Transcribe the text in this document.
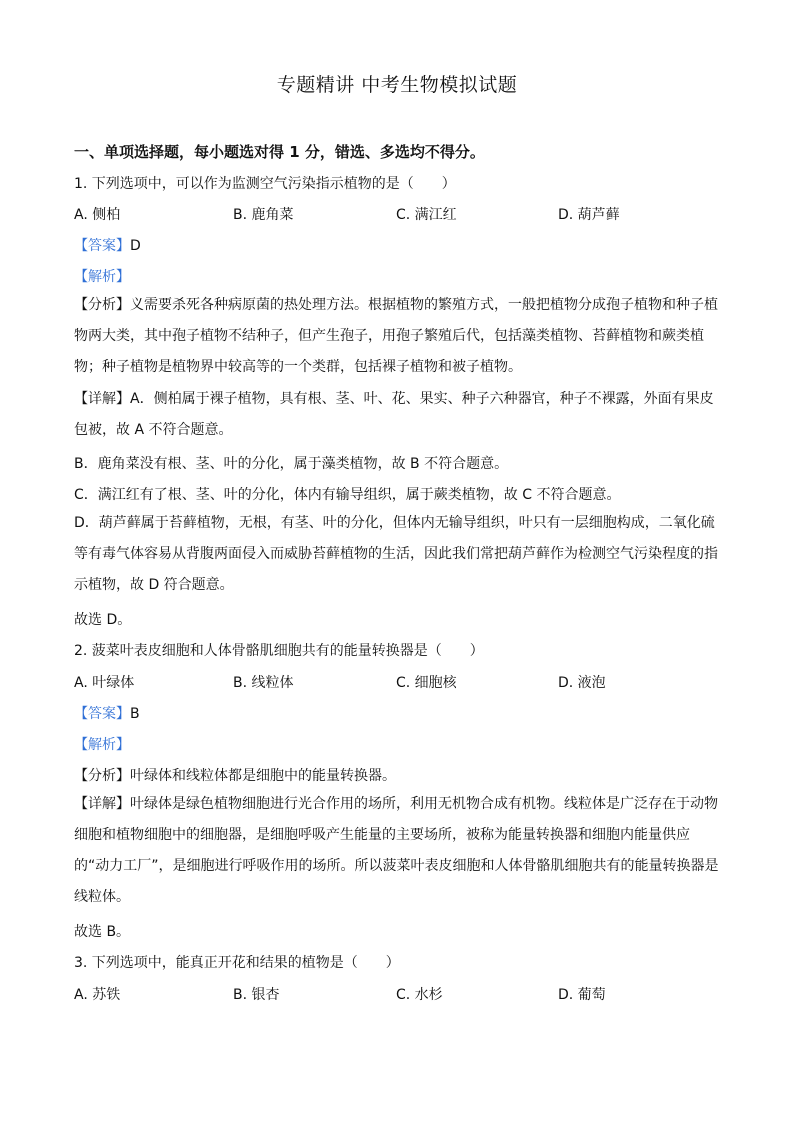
专题精讲 中考生物模拟试题
一、单项选择题，每小题选对得 1 分，错选、多选均不得分。
1. 下列选项中，可以作为监测空气污染指示植物的是（　　）
A. 侧柏	B. 鹿角菜	C. 满江红	D. 葫芦藓
【答案】D
【解析】
【分析】义需要杀死各种病原菌的热处理方法。根据植物的繁殖方式，一般把植物分成孢子植物和种子植物两大类，其中孢子植物不结种子，但产生孢子，用孢子繁殖后代，包括藻类植物、苔藓植物和蕨类植物；种子植物是植物界中较高等的一个类群，包括裸子植物和被子植物。
【详解】A．侧柏属于裸子植物，具有根、茎、叶、花、果实、种子六种器官，种子不裸露，外面有果皮包被，故 A 不符合题意。
B．鹿角菜没有根、茎、叶的分化，属于藻类植物，故 B 不符合题意。
C．满江红有了根、茎、叶的分化，体内有输导组织，属于蕨类植物，故 C 不符合题意。
D．葫芦藓属于苔藓植物，无根，有茎、叶的分化，但体内无输导组织，叶只有一层细胞构成，二氧化硫等有毒气体容易从背腹两面侵入而威胁苔藓植物的生活，因此我们常把葫芦藓作为检测空气污染程度的指示植物，故 D 符合题意。
故选 D。
2. 菠菜叶表皮细胞和人体骨骼肌细胞共有的能量转换器是（　　）
A. 叶绿体	B. 线粒体	C. 细胞核	D. 液泡
【答案】B
【解析】
【分析】叶绿体和线粒体都是细胞中的能量转换器。
【详解】叶绿体是绿色植物细胞进行光合作用的场所，利用无机物合成有机物。线粒体是广泛存在于动物细胞和植物细胞中的细胞器，是细胞呼吸产生能量的主要场所，被称为能量转换器和细胞内能量供应的“动力工厂”，是细胞进行呼吸作用的场所。所以菠菜叶表皮细胞和人体骨骼肌细胞共有的能量转换器是线粒体。
故选 B。
3. 下列选项中，能真正开花和结果的植物是（　　）
A. 苏铁	B. 银杏	C. 水杉	D. 葡萄
